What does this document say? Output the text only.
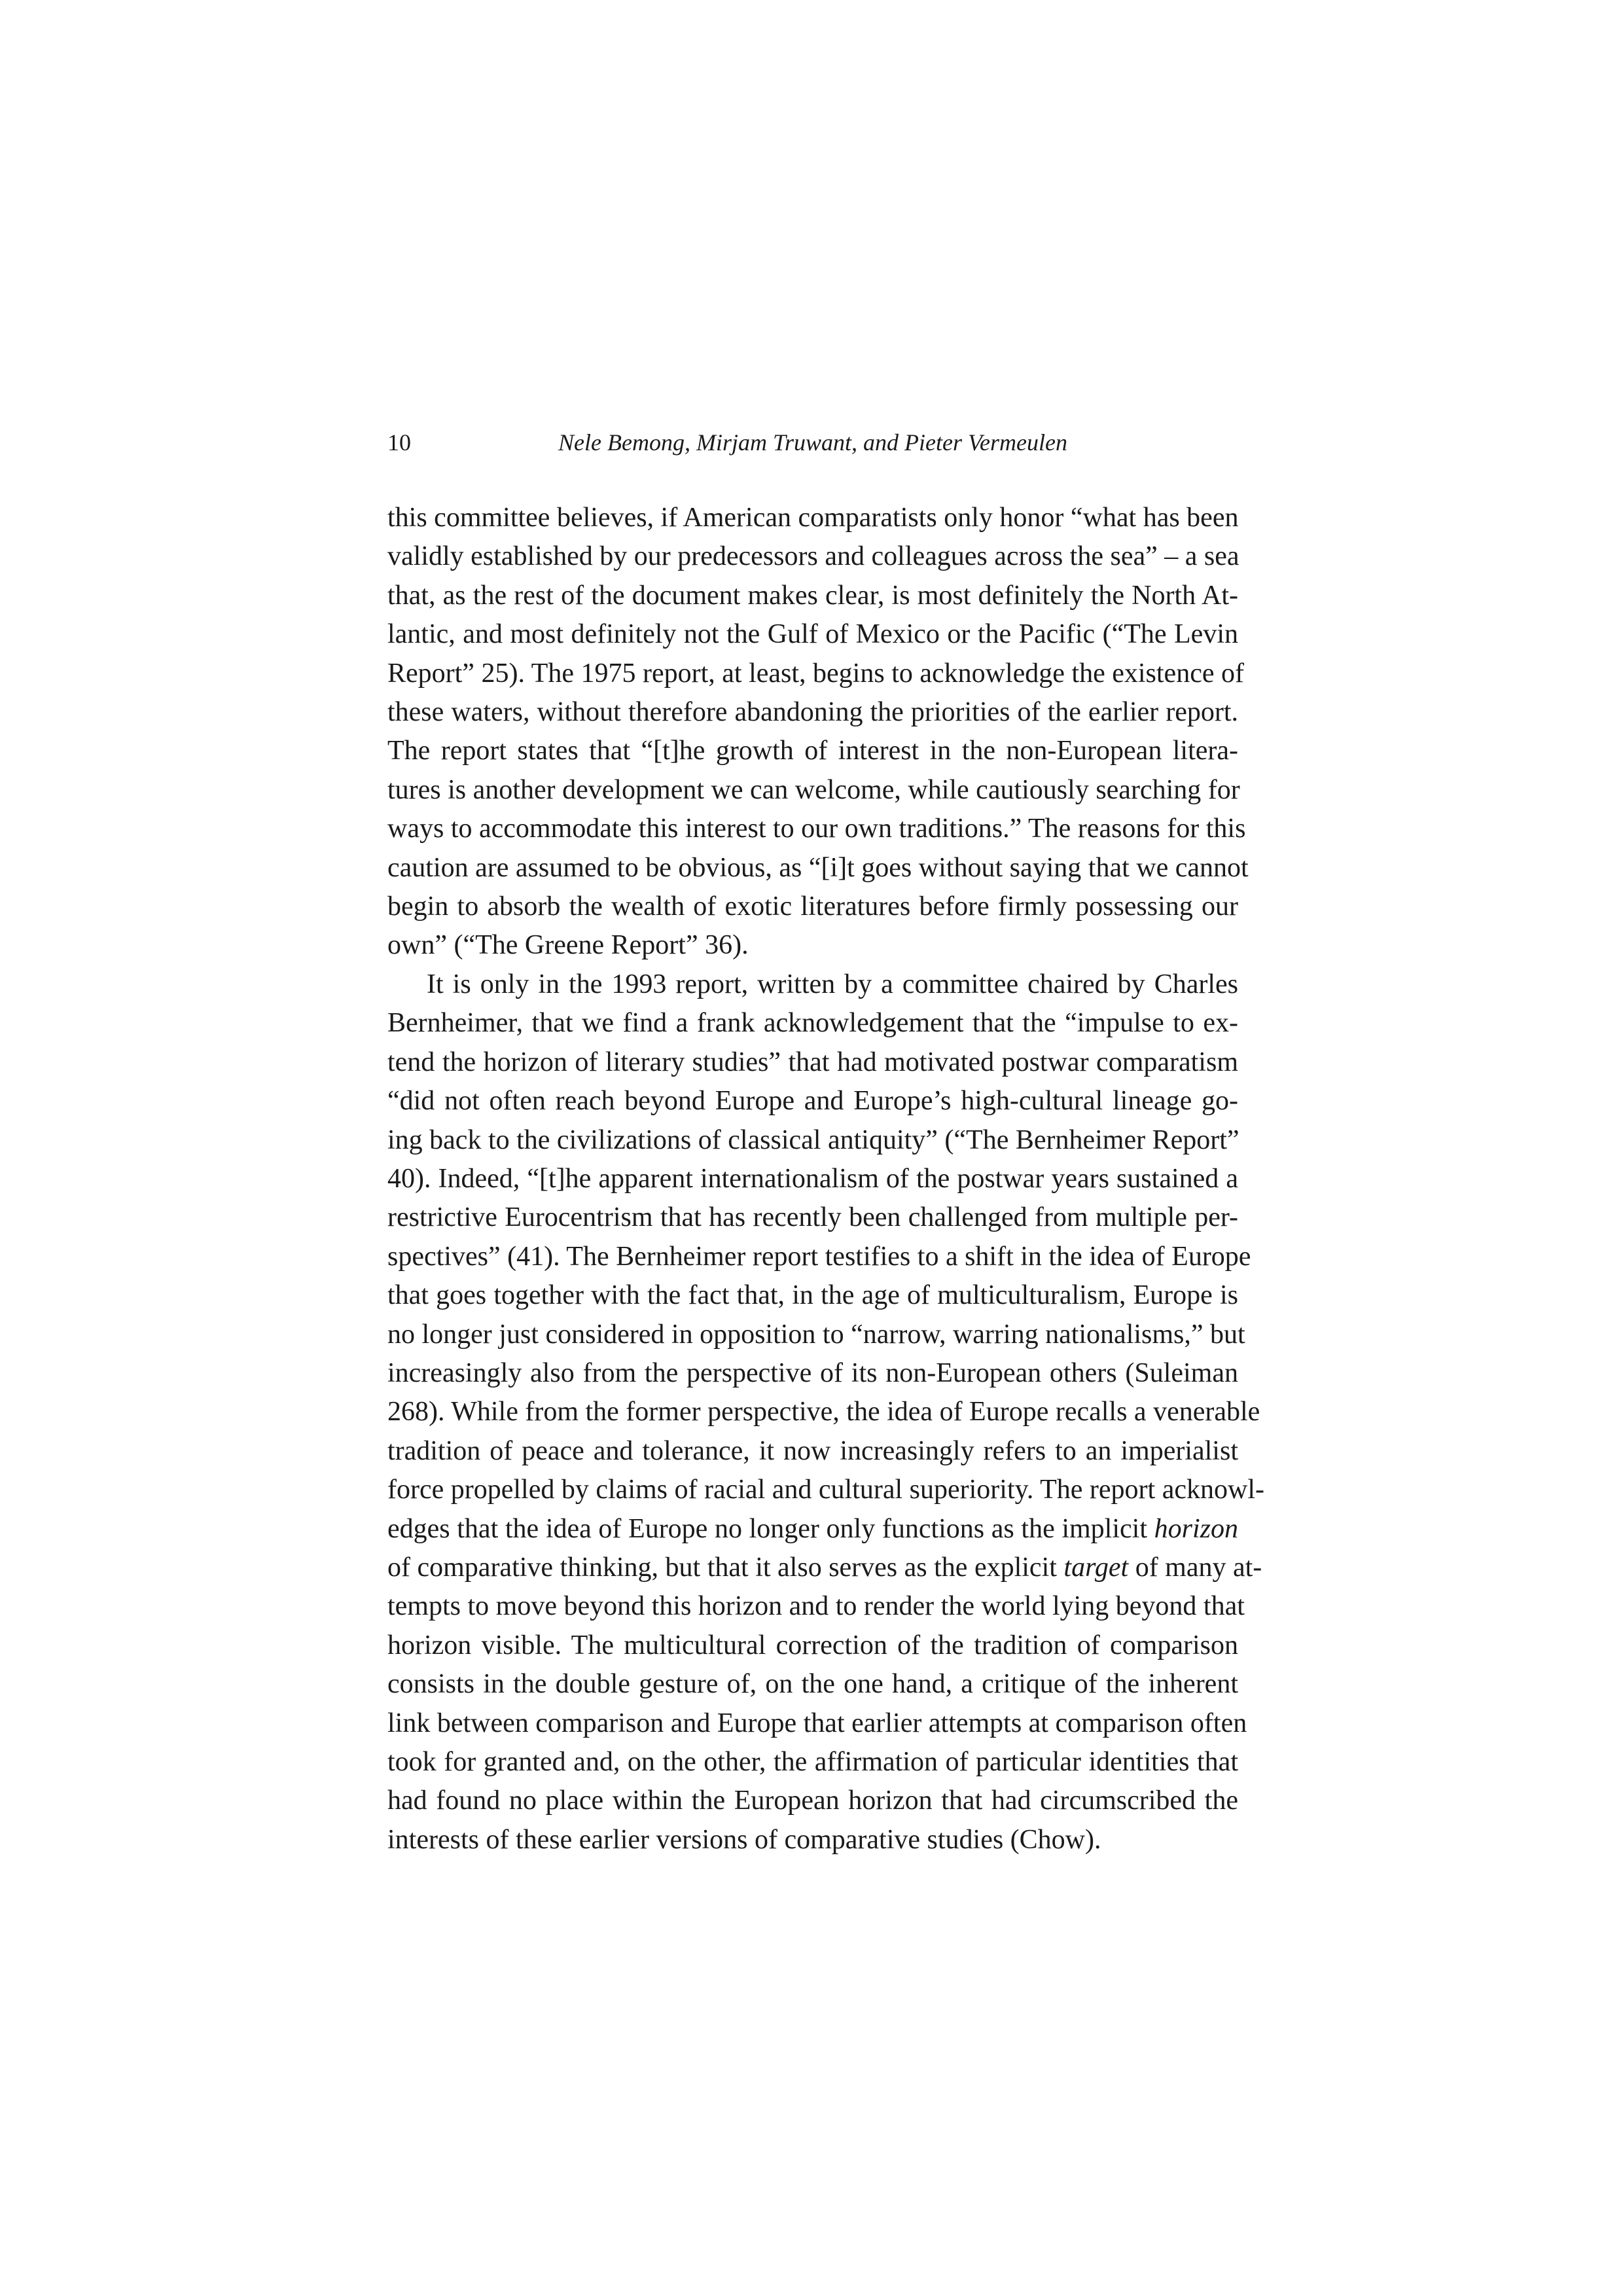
10	Nele Bemong, Mirjam Truwant, and Pieter Vermeulen

this committee believes, if American comparatists only honor “what has been
validly established by our predecessors and colleagues across the sea” – a sea
that, as the rest of the document makes clear, is most definitely the North At-
lantic, and most definitely not the Gulf of Mexico or the Pacific (“The Levin
Report” 25). The 1975 report, at least, begins to acknowledge the existence of
these waters, without therefore abandoning the priorities of the earlier report.
The report states that “[t]he growth of interest in the non-European litera-
tures is another development we can welcome, while cautiously searching for
ways to accommodate this interest to our own traditions.” The reasons for this
caution are assumed to be obvious, as “[i]t goes without saying that we cannot
begin to absorb the wealth of exotic literatures before firmly possessing our
own” (“The Greene Report” 36).

It is only in the 1993 report, written by a committee chaired by Charles
Bernheimer, that we find a frank acknowledgement that the “impulse to ex-
tend the horizon of literary studies” that had motivated postwar comparatism
“did not often reach beyond Europe and Europe’s high-cultural lineage go-
ing back to the civilizations of classical antiquity” (“The Bernheimer Report”
40). Indeed, “[t]he apparent internationalism of the postwar years sustained a
restrictive Eurocentrism that has recently been challenged from multiple per-
spectives” (41). The Bernheimer report testifies to a shift in the idea of Europe
that goes together with the fact that, in the age of multiculturalism, Europe is
no longer just considered in opposition to “narrow, warring nationalisms,” but
increasingly also from the perspective of its non-European others (Suleiman
268). While from the former perspective, the idea of Europe recalls a venerable
tradition of peace and tolerance, it now increasingly refers to an imperialist
force propelled by claims of racial and cultural superiority. The report acknowl-
edges that the idea of Europe no longer only functions as the implicit horizon
of comparative thinking, but that it also serves as the explicit target of many at-
tempts to move beyond this horizon and to render the world lying beyond that
horizon visible. The multicultural correction of the tradition of comparison
consists in the double gesture of, on the one hand, a critique of the inherent
link between comparison and Europe that earlier attempts at comparison often
took for granted and, on the other, the affirmation of particular identities that
had found no place within the European horizon that had circumscribed the
interests of these earlier versions of comparative studies (Chow).
